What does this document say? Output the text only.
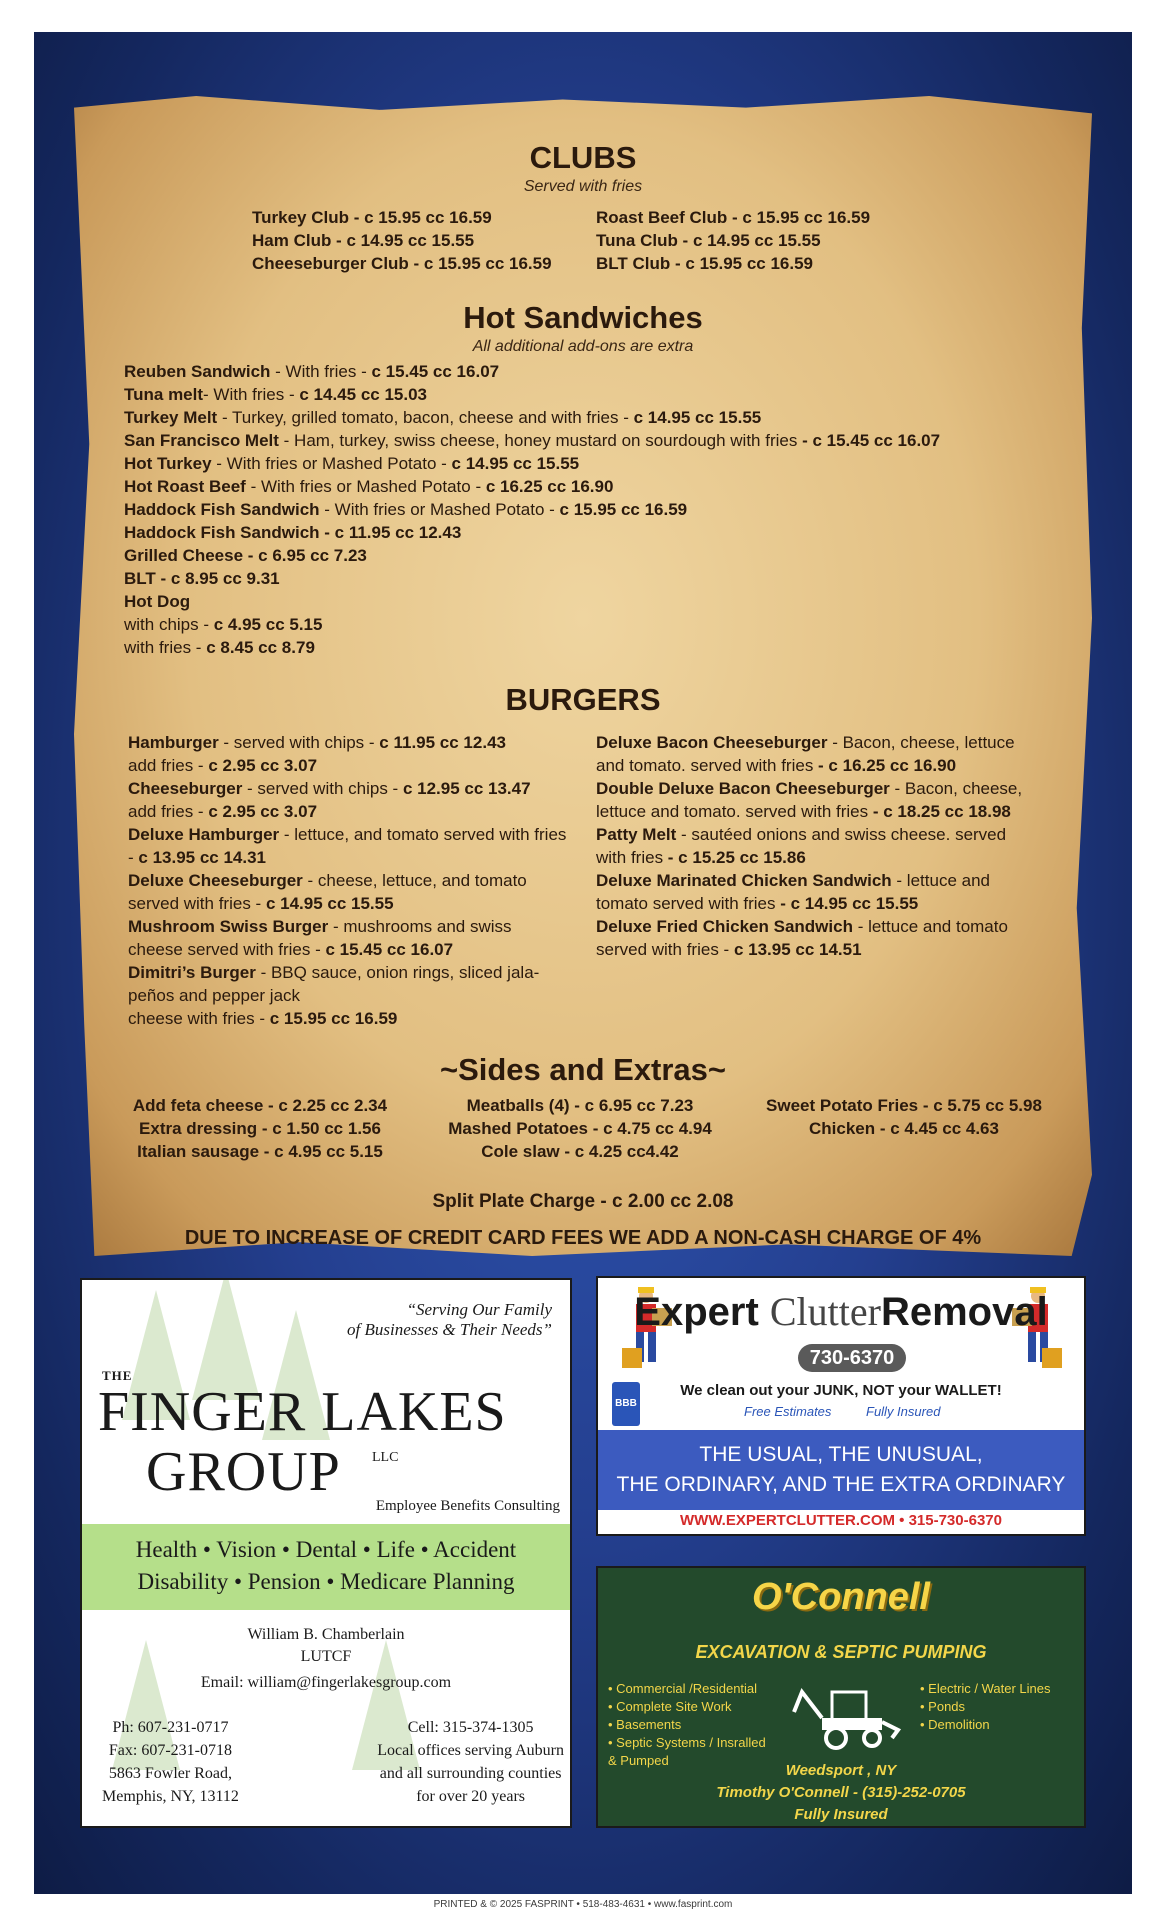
CLUBS
Served with fries
Turkey Club - c 15.95 cc 16.59
Ham Club - c 14.95 cc 15.55
Cheeseburger Club - c 15.95 cc 16.59
Roast Beef Club - c 15.95 cc 16.59
Tuna Club - c 14.95 cc 15.55
BLT Club - c 15.95 cc 16.59
Hot Sandwiches
All additional add-ons are extra
Reuben Sandwich - With fries - c 15.45 cc 16.07
Tuna melt- With fries - c 14.45 cc 15.03
Turkey Melt - Turkey, grilled tomato, bacon, cheese and with fries - c 14.95 cc 15.55
San Francisco Melt - Ham, turkey, swiss cheese, honey mustard on sourdough with fries - c 15.45 cc 16.07
Hot Turkey - With fries or Mashed Potato - c 14.95 cc 15.55
Hot Roast Beef - With fries or Mashed Potato - c 16.25 cc 16.90
Haddock Fish Sandwich - With fries or Mashed Potato - c 15.95 cc 16.59
Haddock Fish Sandwich - c 11.95 cc 12.43
Grilled Cheese - c 6.95 cc 7.23
BLT - c 8.95 cc 9.31
Hot Dog
with chips - c 4.95 cc 5.15
with fries - c 8.45 cc 8.79
BURGERS
Hamburger - served with chips - c 11.95 cc 12.43
add fries - c 2.95 cc 3.07
Cheeseburger - served with chips - c 12.95 cc 13.47
add fries - c 2.95 cc 3.07
Deluxe Hamburger - lettuce, and tomato served with fries - c 13.95 cc 14.31
Deluxe Cheeseburger - cheese, lettuce, and tomato served with fries - c 14.95 cc 15.55
Mushroom Swiss Burger - mushrooms and swiss cheese served with fries - c 15.45 cc 16.07
Dimitri’s Burger - BBQ sauce, onion rings, sliced jala-peños and pepper jack
cheese with fries - c 15.95 cc 16.59
Deluxe Bacon Cheeseburger - Bacon, cheese, lettuce and tomato. served with fries - c 16.25 cc 16.90
Double Deluxe Bacon Cheeseburger - Bacon, cheese, lettuce and tomato. served with fries - c 18.25 cc 18.98
Patty Melt - sautéed onions and swiss cheese. served with fries - c 15.25 cc 15.86
Deluxe Marinated Chicken Sandwich - lettuce and tomato served with fries - c 14.95 cc 15.55
Deluxe Fried Chicken Sandwich - lettuce and tomato served with fries - c 13.95 cc 14.51
~Sides and Extras~
Add feta cheese - c 2.25 cc 2.34
Extra dressing - c 1.50 cc 1.56
Italian sausage - c 4.95 cc 5.15
Meatballs (4) - c 6.95 cc 7.23
Mashed Potatoes - c 4.75 cc 4.94
Cole slaw - c 4.25 cc4.42
Sweet Potato Fries - c 5.75 cc 5.98
Chicken - c 4.45 cc 4.63
Split Plate Charge - c 2.00 cc 2.08
DUE TO INCREASE OF CREDIT CARD FEES WE ADD A NON-CASH CHARGE OF 4%
“Serving Our Family
of Businesses & Their Needs”
THE
FINGER LAKES
GROUP LLC
Employee Benefits Consulting
Health • Vision • Dental • Life • Accident
Disability • Pension • Medicare Planning
William B. Chamberlain
LUTCF
Email: william@fingerlakesgroup.com
Ph: 607-231-0717
Fax: 607-231-0718
5863 Fowler Road,
Memphis, NY, 13112
Cell: 315-374-1305
Local offices serving Auburn
and all surrounding counties
for over 20 years
BBB
Expert ClutterRemoval
730-6370
We clean out your JUNK, NOT your WALLET!
Free Estimates	Fully Insured
THE USUAL, THE UNUSUAL,
THE ORDINARY, AND THE EXTRA ORDINARY
WWW.EXPERTCLUTTER.COM • 315-730-6370
O'Connell
EXCAVATION & SEPTIC PUMPING
• Commercial /Residential
• Complete Site Work
• Basements
• Septic Systems / Insralled
& Pumped
• Electric / Water Lines
• Ponds
• Demolition
Weedsport , NY
Timothy O'Connell - (315)-252-0705
Fully Insured
PRINTED & © 2025 FASPRINT • 518-483-4631 • www.fasprint.com
